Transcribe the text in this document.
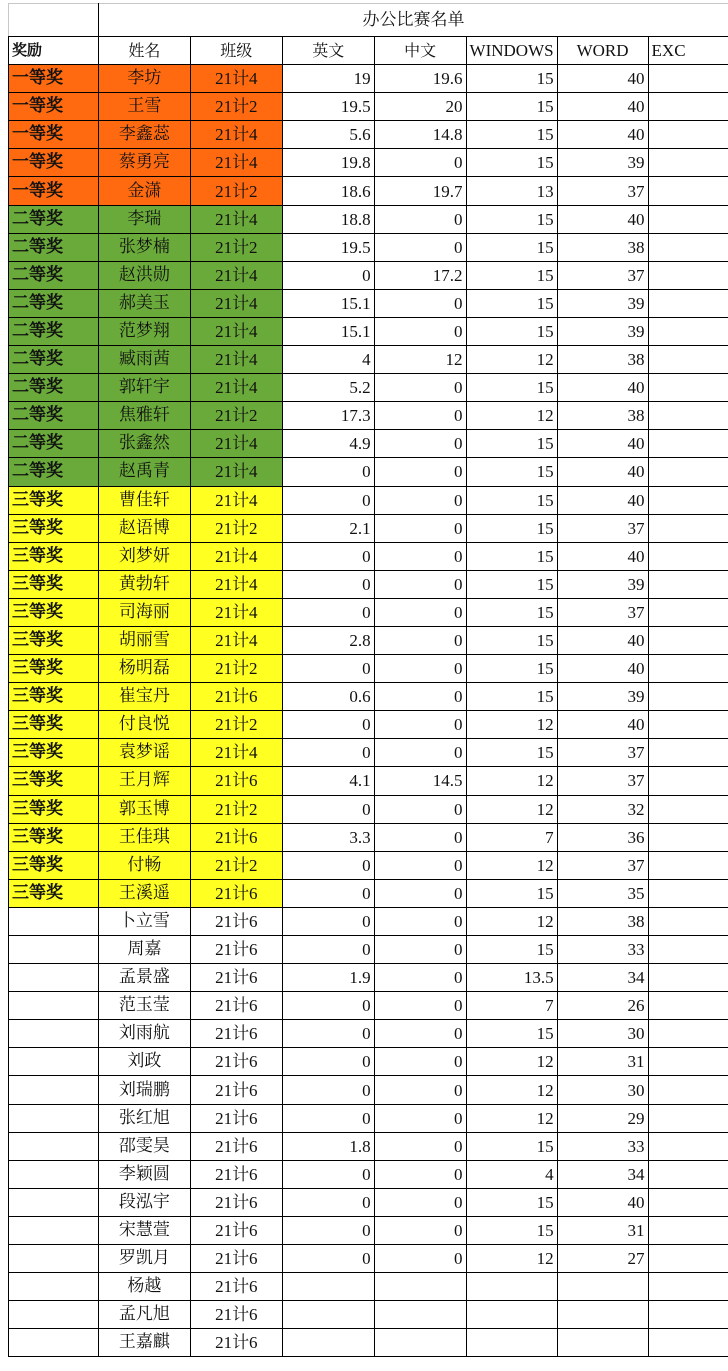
	办公比赛名单						
奖励	姓名	班级	英文	中文	WINDOWS	WORD	EXC
一等奖	李坊	21计4	19	19.6	15	40	
一等奖	王雪	21计2	19.5	20	15	40	
一等奖	李鑫蕊	21计4	5.6	14.8	15	40	
一等奖	蔡勇亮	21计4	19.8	0	15	39	
一等奖	金潇	21计2	18.6	19.7	13	37	
二等奖	李瑞	21计4	18.8	0	15	40	
二等奖	张梦楠	21计2	19.5	0	15	38	
二等奖	赵洪勋	21计4	0	17.2	15	37	
二等奖	郝美玉	21计4	15.1	0	15	39	
二等奖	范梦翔	21计4	15.1	0	15	39	
二等奖	臧雨茜	21计4	4	12	12	38	
二等奖	郭轩宇	21计4	5.2	0	15	40	
二等奖	焦雅轩	21计2	17.3	0	12	38	
二等奖	张鑫然	21计4	4.9	0	15	40	
二等奖	赵禹青	21计4	0	0	15	40	
三等奖	曹佳轩	21计4	0	0	15	40	
三等奖	赵语博	21计2	2.1	0	15	37	
三等奖	刘梦妍	21计4	0	0	15	40	
三等奖	黄勃轩	21计4	0	0	15	39	
三等奖	司海丽	21计4	0	0	15	37	
三等奖	胡丽雪	21计4	2.8	0	15	40	
三等奖	杨明磊	21计2	0	0	15	40	
三等奖	崔宝丹	21计6	0.6	0	15	39	
三等奖	付良悦	21计2	0	0	12	40	
三等奖	袁梦谣	21计4	0	0	15	37	
三等奖	王月辉	21计6	4.1	14.5	12	37	
三等奖	郭玉博	21计2	0	0	12	32	
三等奖	王佳琪	21计6	3.3	0	7	36	
三等奖	付畅	21计2	0	0	12	37	
三等奖	王溪遥	21计6	0	0	15	35	
	卜立雪	21计6	0	0	12	38	
	周嘉	21计6	0	0	15	33	
	孟景盛	21计6	1.9	0	13.5	34	
	范玉莹	21计6	0	0	7	26	
	刘雨航	21计6	0	0	15	30	
	刘政	21计6	0	0	12	31	
	刘瑞鹏	21计6	0	0	12	30	
	张红旭	21计6	0	0	12	29	
	邵雯昊	21计6	1.8	0	15	33	
	李颖圆	21计6	0	0	4	34	
	段泓宇	21计6	0	0	15	40	
	宋慧萱	21计6	0	0	15	31	
	罗凯月	21计6	0	0	12	27	
	杨越	21计6					
	孟凡旭	21计6					
	王嘉麒	21计6					
